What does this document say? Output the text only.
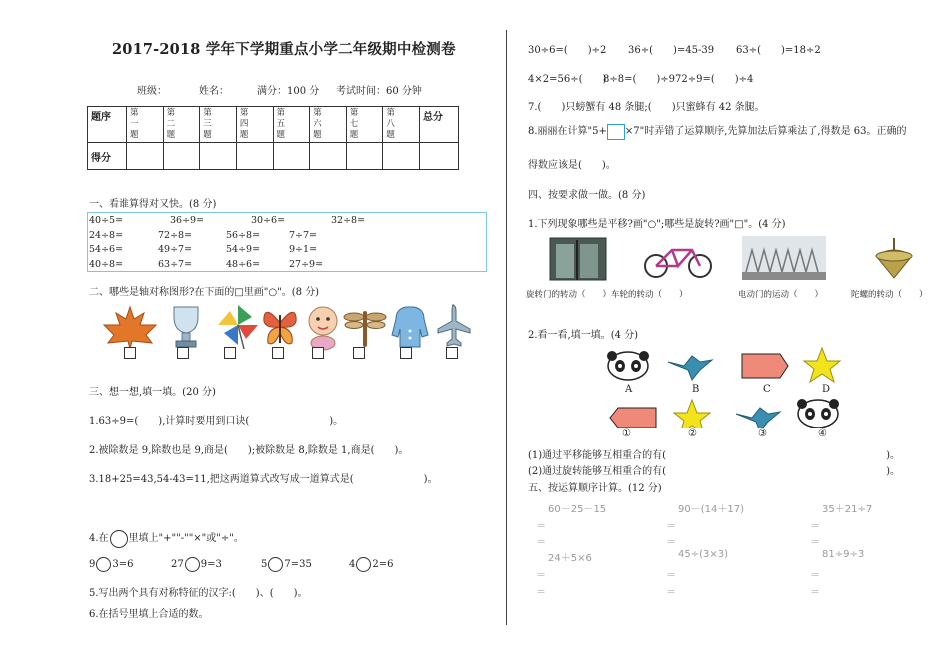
2017-2018 学年下学期重点小学二年级期中检测卷
班级：	姓名：	满分：100 分 考试时间：60 分钟
题序	第一题	第二题	第三题	第四题	第五题	第六题	第七题	第八题	总分
得分									
一、看谁算得对又快。(8 分)
40÷5=	36÷9=	30÷6=	32÷8=
24÷8=	72÷8=	56÷8=	7÷7=
54÷6=	49÷7=	54÷9=	9÷1=
40÷8=	63÷7=	48÷6=	27÷9=
二、哪些是轴对称图形?在下面的□里画"○"。(8 分)
三、想一想,填一填。(20 分)
1.63÷9=(　　),计算时要用到口诀(　　　　　　　　)。
2.被除数是 9,除数也是 9,商是(　　);被除数是 8,除数是 1,商是(　　)。
3.18+25=43,54-43=11,把这两道算式改写成一道算式是(　　　　　　　)。
4.在 里填上"+""-""×"或"÷"。
9 3=6	27 9=3	5 7=35	4 2=6
5.写出两个具有对称特征的汉字:(　　)、(　　)。
6.在括号里填上合适的数。
30÷6=(　　)÷2 36÷(　　)=45-39 63÷(　　)=18÷2
4×2=56÷(　　)
8÷8=(　　)÷9 72÷9=(　　)÷4
7.(　　)只螃蟹有 48 条腿;(　　)只蜜蜂有 42 条腿。
8.丽丽在计算"5+ ×7"时弄错了运算顺序,先算加法后算乘法了,得数是 63。正确的
得数应该是(　　)。
四、按要求做一做。(8 分)
1.下列现象哪些是平移?画"○";哪些是旋转?画"□"。(4 分)
旋转门的转动（　　） 车轮的转动（　　）	电动门的运动（　　）	陀螺的转动（　　）
2.看一看,填一填。(4 分)
A	B	C	D
①	②	③	④
(1)通过平移能够互相重合的有(　　　　　　　　　　　　　　　　　　　　　　)。
(2)通过旋转能够互相重合的有(　　　　　　　　　　　　　　　　　　　　　　)。
五、按运算顺序计算。(12 分)
60－25－15	90－(14＋17)	35＋21÷7
＝	＝	＝
＝	＝	＝
24＋5×6	45÷(3×3)	81÷9÷3
＝	＝	＝
＝	＝	＝
